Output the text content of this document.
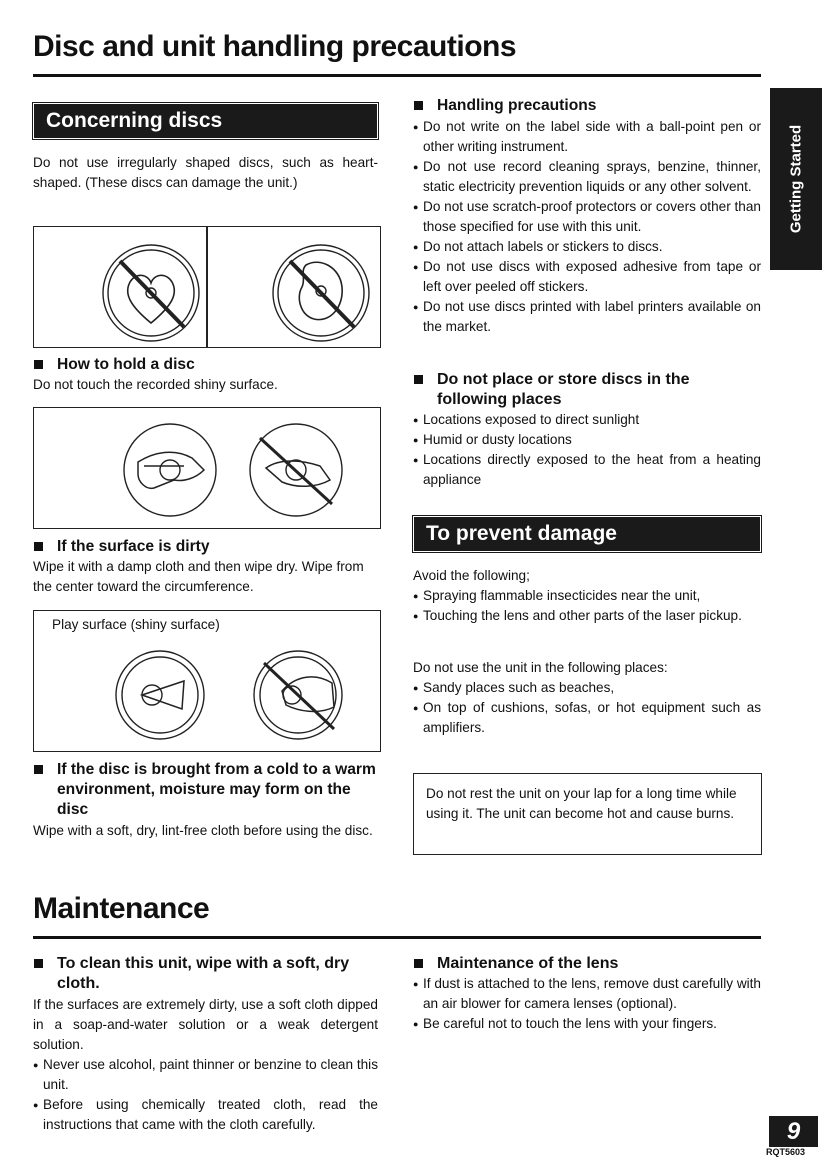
Disc and unit handling precautions
Getting Started
Concerning discs

Do not use irregularly shaped discs, such as heart-shaped. (These discs can damage the unit.)

How to hold a disc

Do not touch the recorded shiny surface.

If the surface is dirty

Wipe it with a damp cloth and then wipe dry. Wipe from the center toward the circumference.

Play surface (shiny surface)
If the disc is brought from a cold to a warm environment, moisture may form on the disc

Wipe with a soft, dry, lint-free cloth before using the disc.

Handling precautions
● Do not write on the label side with a ball-point pen or other writing instrument.
● Do not use record cleaning sprays, benzine, thinner, static electricity prevention liquids or any other solvent.
● Do not use scratch-proof protectors or covers other than those specified for use with this unit.
● Do not attach labels or stickers to discs.
● Do not use discs with exposed adhesive from tape or left over peeled off stickers.
● Do not use discs printed with label printers available on the market.
Do not place or store discs in the following places
● Locations exposed to direct sunlight
● Humid or dusty locations
● Locations directly exposed to the heat from a heating appliance
To prevent damage

Avoid the following;

● Spraying flammable insecticides near the unit,
● Touching the lens and other parts of the laser pickup.

Do not use the unit in the following places:

● Sandy places such as beaches,
● On top of cushions, sofas, or hot equipment such as amplifiers.
Do not rest the unit on your lap for a long time while using it. The unit can become hot and cause burns.
Maintenance
To clean this unit, wipe with a soft, dry cloth.

If the surfaces are extremely dirty, use a soft cloth dipped in a soap-and-water solution or a weak detergent solution.

● Never use alcohol, paint thinner or benzine to clean this unit.
● Before using chemically treated cloth, read the instructions that came with the cloth carefully.
Maintenance of the lens
● If dust is attached to the lens, remove dust carefully with an air blower for camera lenses (optional).
● Be careful not to touch the lens with your fingers.
9
RQT5603
